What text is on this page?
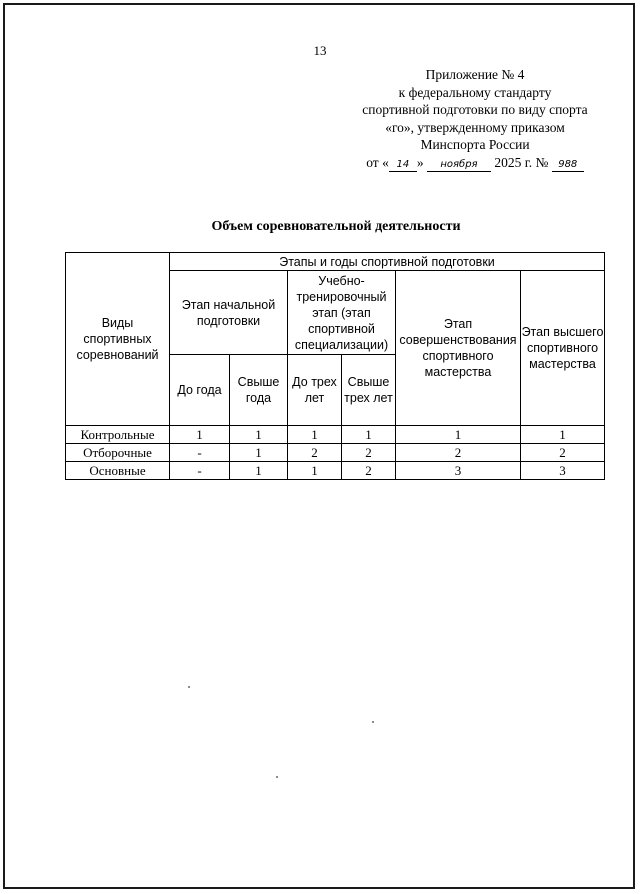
13
Приложение № 4
к федеральному стандарту
спортивной подготовки по виду спорта
«го», утвержденному приказом
Минспорта России
от « 14 » ноября 2025 г. № 988
Объем соревновательной деятельности
Виды спортивных соревнований	Этапы и годы спортивной подготовки					
	Этап начальной подготовки		Учебно-тренировочный этап (этап спортивной специализации)		Этап совершенствования спортивного мастерства	Этап высшего спортивного мастерства
	До года	Свыше года	До трех лет	Свыше трех лет		
Контрольные	1	1	1	1	1	1
Отборочные	-	1	2	2	2	2
Основные	-	1	1	2	3	3
